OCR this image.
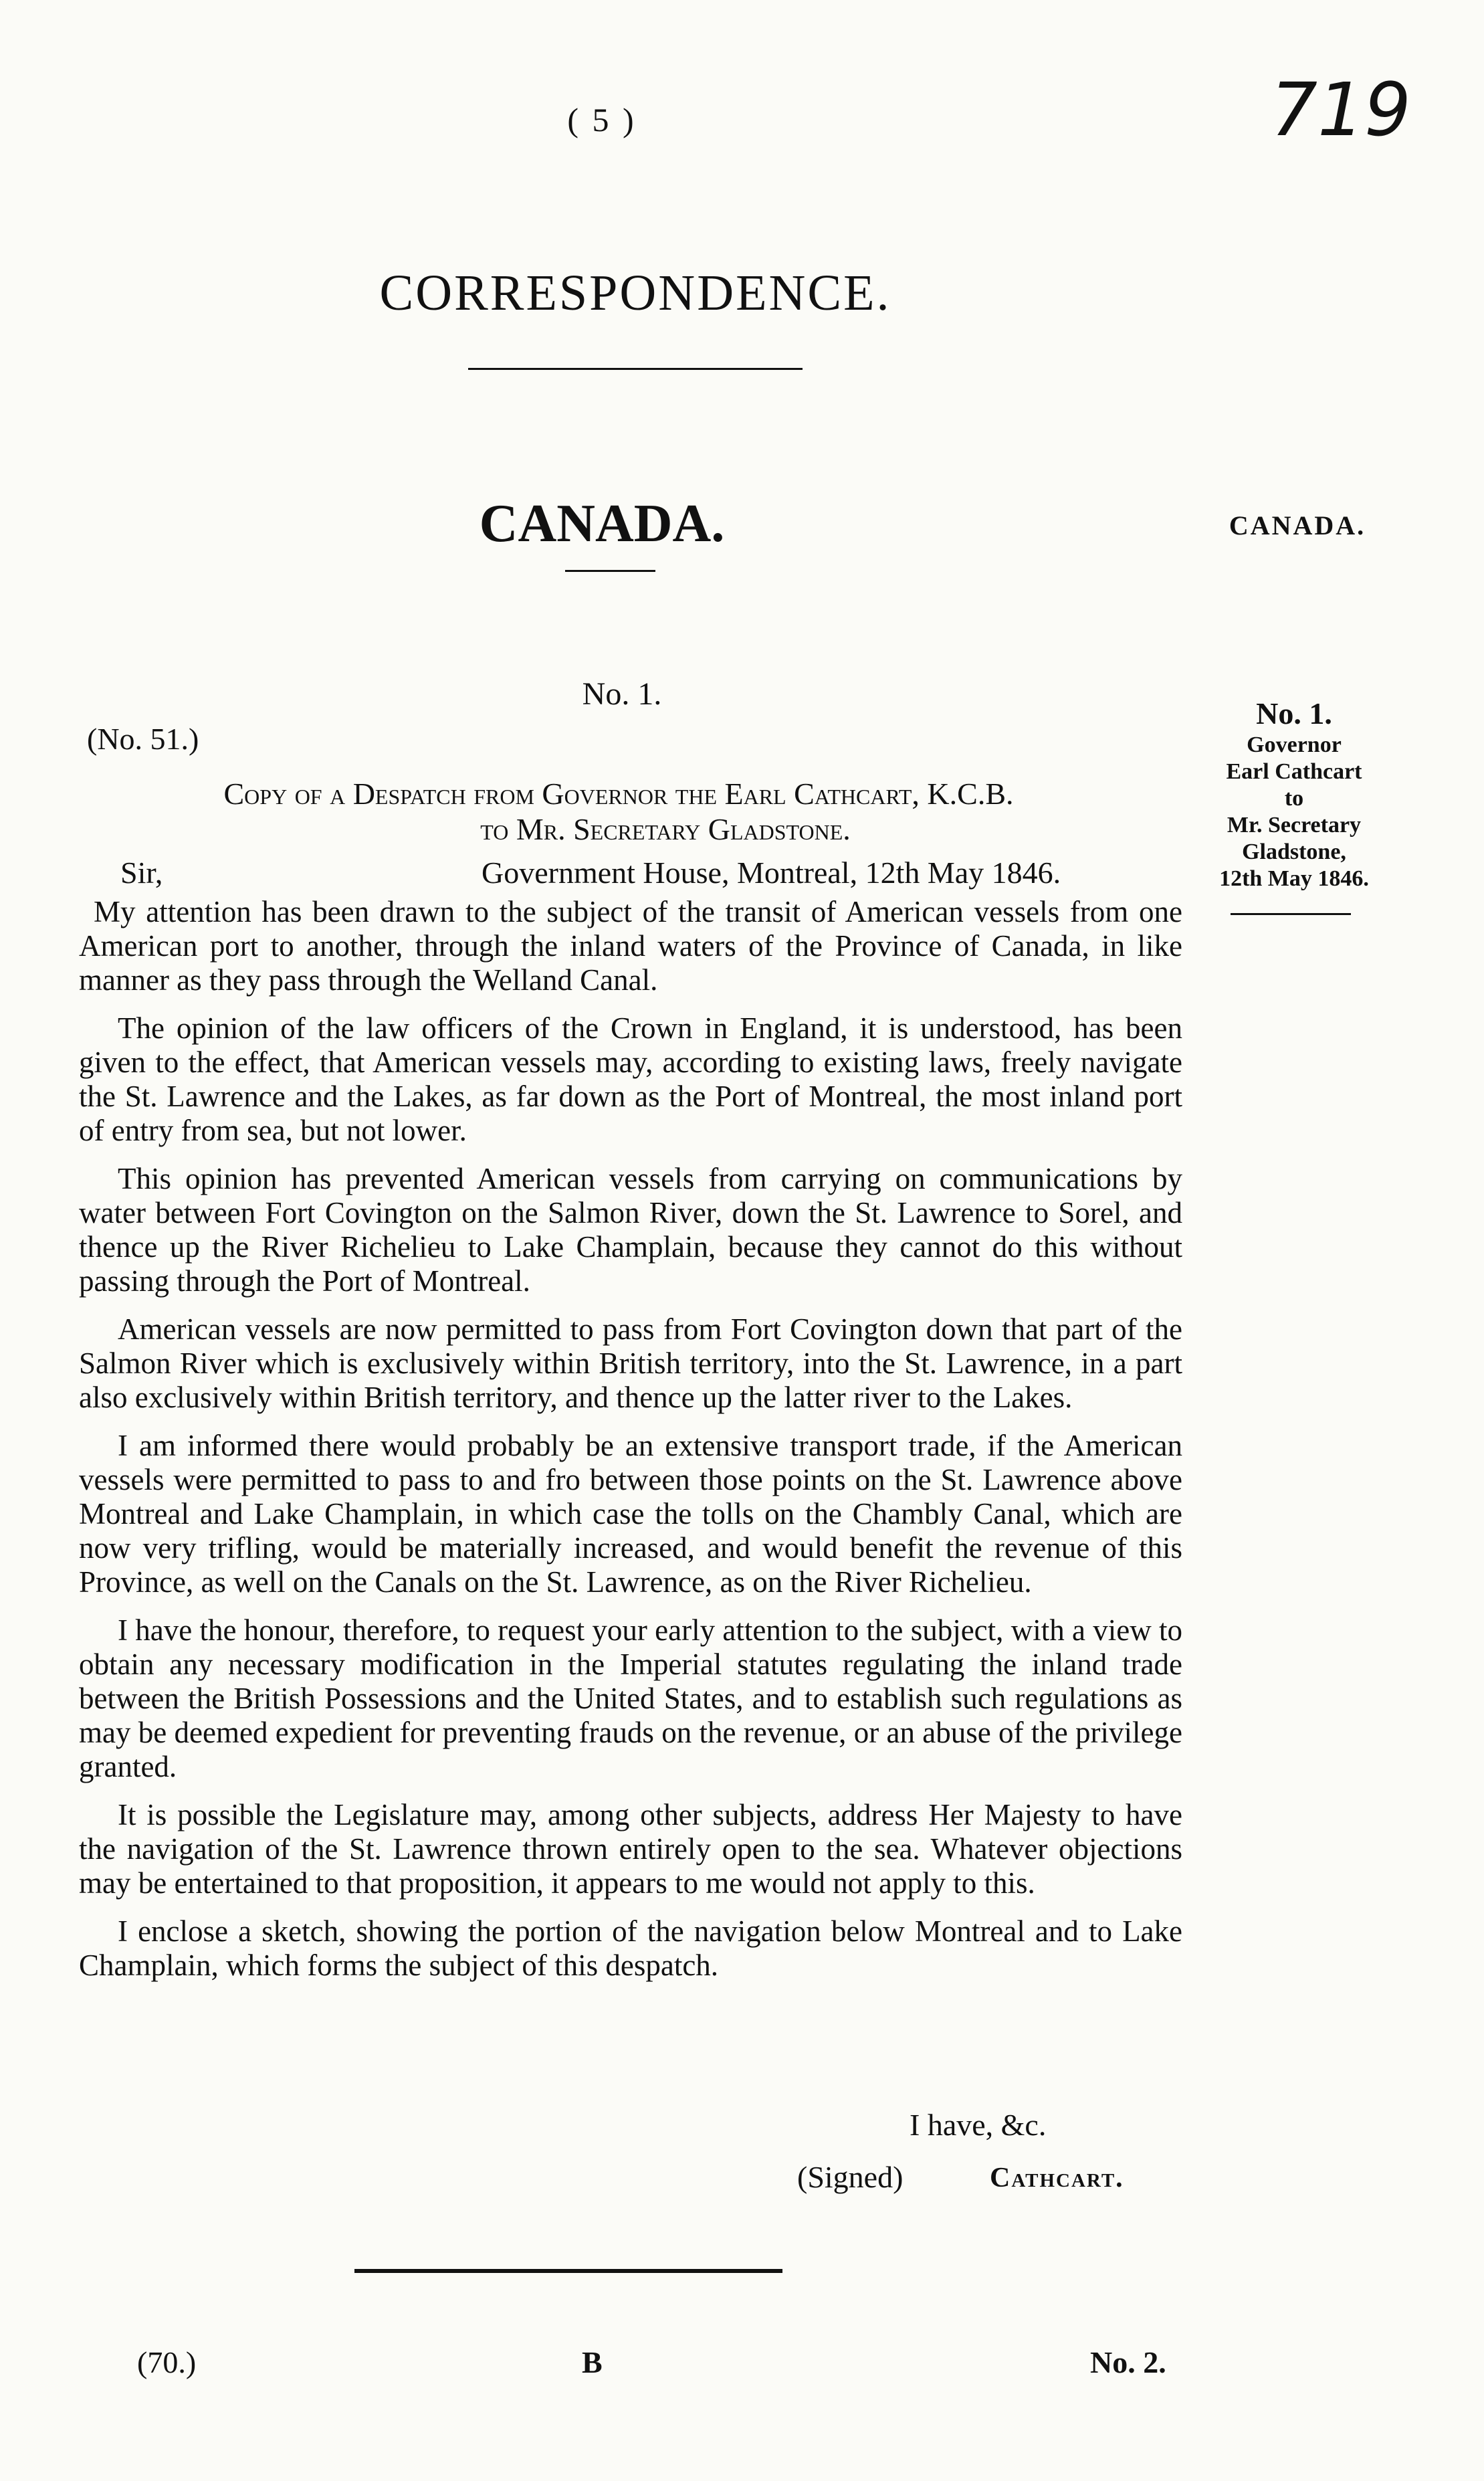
( 5 )	719
CORRESPONDENCE.
CANADA.	CANADA.
No. 1.
(No. 51.)
Copy of a Despatch from Governor the Earl Cathcart, K.C.B.
to Mr. Secretary Gladstone.
Sir,	Government House, Montreal, 12th May 1846.
No. 1.
Governor
Earl Cathcart
to
Mr. Secretary
Gladstone,
12th May 1846.

My attention has been drawn to the subject of the transit of American vessels from one American port to another, through the inland waters of the Province of Canada, in like manner as they pass through the Welland Canal.

The opinion of the law officers of the Crown in England, it is understood, has been given to the effect, that American vessels may, according to existing laws, freely navigate the St. Lawrence and the Lakes, as far down as the Port of Montreal, the most inland port of entry from sea, but not lower.

This opinion has prevented American vessels from carrying on communications by water between Fort Covington on the Salmon River, down the St. Lawrence to Sorel, and thence up the River Richelieu to Lake Champlain, because they cannot do this without passing through the Port of Montreal.

American vessels are now permitted to pass from Fort Covington down that part of the Salmon River which is exclusively within British territory, into the St. Lawrence, in a part also exclusively within British territory, and thence up the latter river to the Lakes.

I am informed there would probably be an extensive transport trade, if the American vessels were permitted to pass to and fro between those points on the St. Lawrence above Montreal and Lake Champlain, in which case the tolls on the Chambly Canal, which are now very trifling, would be materially increased, and would benefit the revenue of this Province, as well on the Canals on the St. Lawrence, as on the River Richelieu.

I have the honour, therefore, to request your early attention to the subject, with a view to obtain any necessary modification in the Imperial statutes regulating the inland trade between the British Possessions and the United States, and to establish such regulations as may be deemed expedient for preventing frauds on the revenue, or an abuse of the privilege granted.

It is possible the Legislature may, among other subjects, address Her Majesty to have the navigation of the St. Lawrence thrown entirely open to the sea. Whatever objections may be entertained to that proposition, it appears to me would not apply to this.

I enclose a sketch, showing the portion of the navigation below Montreal and to Lake Champlain, which forms the subject of this despatch.

I have, &c.
(Signed)	Cathcart.
(70.)	B	No. 2.
